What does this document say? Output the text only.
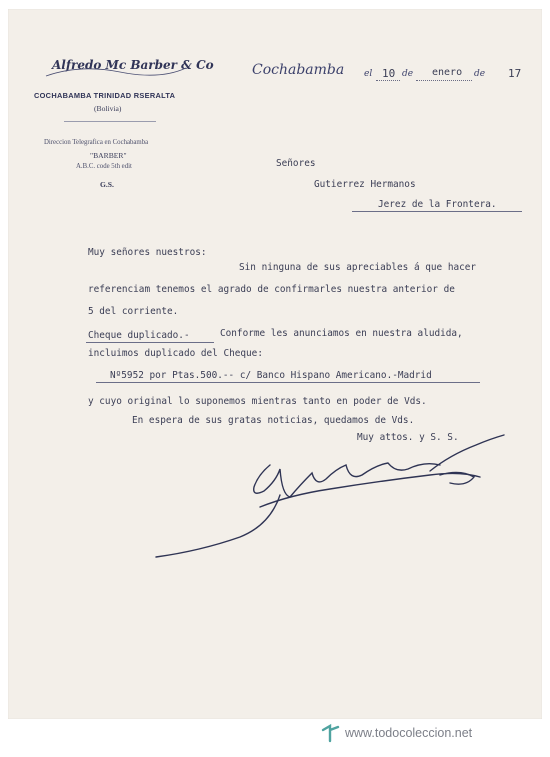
Alfredo Mc Barber & Co
COCHABAMBA TRINIDAD RSERALTA
(Bolivia)
Direccion Telegrafica en Cochabamba
"BARBER"
A.B.C. code 5th edit
G.S.
Cochabamba el 10 de enero de 17
Señores
Gutierrez Hermanos
Jerez de la Frontera.
Muy señores nuestros:
Sin ninguna de sus apreciables á que hacer
referenciam tenemos el agrado de confirmarles nuestra anterior de
5 del corriente.
Cheque duplicado.-	Conforme les anunciamos en nuestra aludida,
incluimos duplicado del Cheque:
Nº5952 por Ptas.500.-- c/ Banco Hispano Americano.-Madrid
y cuyo original lo suponemos mientras tanto en poder de Vds.
En espera de sus gratas noticias, quedamos de Vds.
Muy attos. y S. S.
www.todocoleccion.net
